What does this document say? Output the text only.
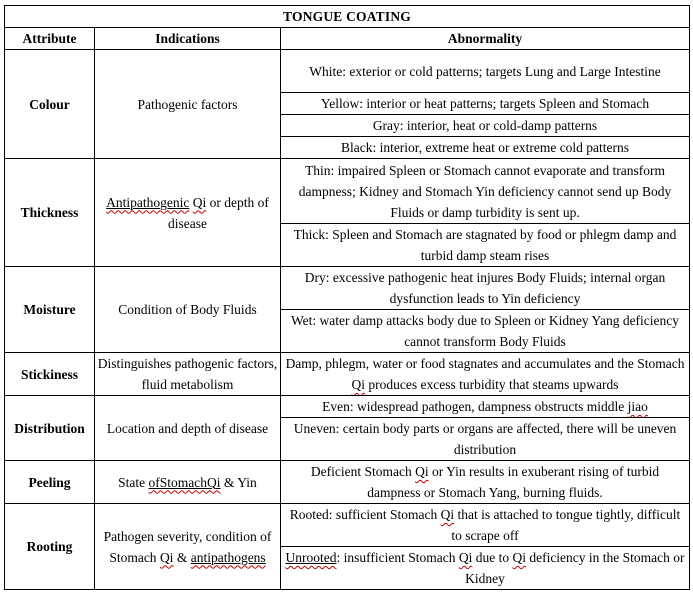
TONGUE COATING		
Attribute	Indications	Abnormality
Colour	Pathogenic factors	White: exterior or cold patterns; targets Lung and Large Intestine
		Yellow: interior or heat patterns; targets Spleen and Stomach
		Gray: interior, heat or cold-damp patterns
		Black: interior, extreme heat or extreme cold patterns
Thickness	Antipathogenic Qi or depth of disease	Thin: impaired Spleen or Stomach cannot evaporate and transform dampness; Kidney and Stomach Yin deficiency cannot send up Body Fluids or damp turbidity is sent up.
		Thick: Spleen and Stomach are stagnated by food or phlegm damp and turbid damp steam rises
Moisture	Condition of Body Fluids	Dry: excessive pathogenic heat injures Body Fluids; internal organ dysfunction leads to Yin deficiency
		Wet: water damp attacks body due to Spleen or Kidney Yang deficiency cannot transform Body Fluids
Stickiness	Distinguishes pathogenic factors, fluid metabolism	Damp, phlegm, water or food stagnates and accumulates and the Stomach Qi produces excess turbidity that steams upwards
Distribution	Location and depth of disease	Even: widespread pathogen, dampness obstructs middle jiao
		Uneven: certain body parts or organs are affected, there will be uneven distribution
Peeling	State ofStomachQi & Yin	Deficient Stomach Qi or Yin results in exuberant rising of turbid dampness or Stomach Yang, burning fluids.
Rooting	Pathogen severity, condition of Stomach Qi & antipathogens	Rooted: sufficient Stomach Qi that is attached to tongue tightly, difficult to scrape off
		Unrooted: insufficient Stomach Qi due to Qi deficiency in the Stomach or Kidney
